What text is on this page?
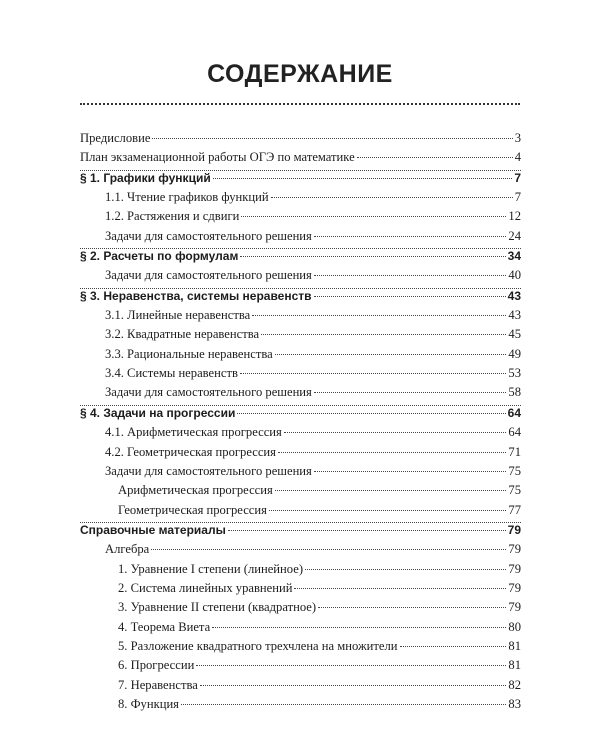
СОДЕРЖАНИЕ
Предисловие	3
План экзаменационной работы ОГЭ по математике	4
§ 1. Графики функций	7
1.1. Чтение графиков функций	7
1.2. Растяжения и сдвиги	12
Задачи для самостоятельного решения	24
§ 2. Расчеты по формулам	34
Задачи для самостоятельного решения	40
§ 3. Неравенства, системы неравенств	43
3.1. Линейные неравенства	43
3.2. Квадратные неравенства	45
3.3. Рациональные неравенства	49
3.4. Системы неравенств	53
Задачи для самостоятельного решения	58
§ 4. Задачи на прогрессии	64
4.1. Арифметическая прогрессия	64
4.2. Геометрическая прогрессия	71
Задачи для самостоятельного решения	75
Арифметическая прогрессия	75
Геометрическая прогрессия	77
Справочные материалы	79
Алгебра	79
1. Уравнение I степени (линейное)	79
2. Система линейных уравнений	79
3. Уравнение II степени (квадратное)	79
4. Теорема Виета	80
5. Разложение квадратного трехчлена на множители	81
6. Прогрессии	81
7. Неравенства	82
8. Функция	83
